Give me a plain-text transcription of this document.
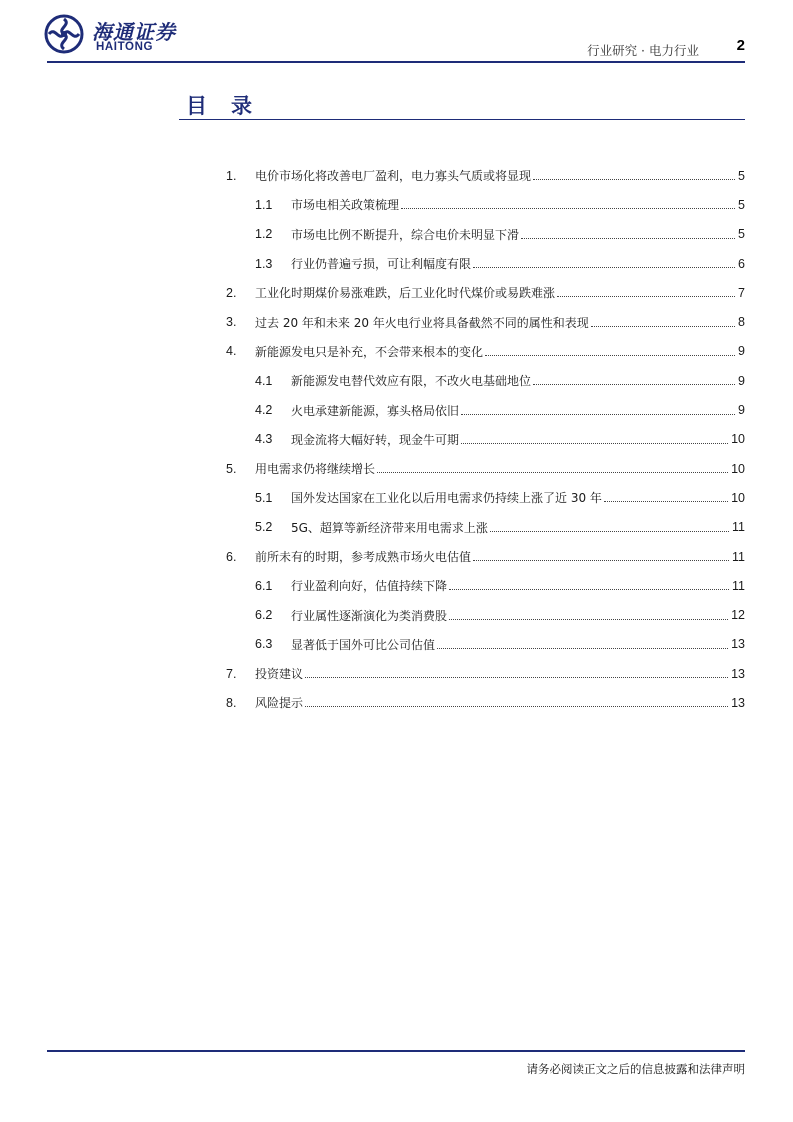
海通证券
HAITONG	行业研究 · 电力行业	2
目录
1.	电价市场化将改善电厂盈利，电力寡头气质或将显现	5
1.1	市场电相关政策梳理	5
1.2	市场电比例不断提升，综合电价未明显下滑	5
1.3	行业仍普遍亏损，可让利幅度有限	6
2.	工业化时期煤价易涨难跌，后工业化时代煤价或易跌难涨	7
3.	过去 20 年和未来 20 年火电行业将具备截然不同的属性和表现	8
4.	新能源发电只是补充，不会带来根本的变化	9
4.1	新能源发电替代效应有限，不改火电基础地位	9
4.2	火电承建新能源，寡头格局依旧	9
4.3	现金流将大幅好转，现金牛可期	10
5.	用电需求仍将继续增长	10
5.1	国外发达国家在工业化以后用电需求仍持续上涨了近 30 年	10
5.2	5G、超算等新经济带来用电需求上涨	11
6.	前所未有的时期，参考成熟市场火电估值	11
6.1	行业盈利向好，估值持续下降	11
6.2	行业属性逐渐演化为类消费股	12
6.3	显著低于国外可比公司估值	13
7.	投资建议	13
8.	风险提示	13
请务必阅读正文之后的信息披露和法律声明
